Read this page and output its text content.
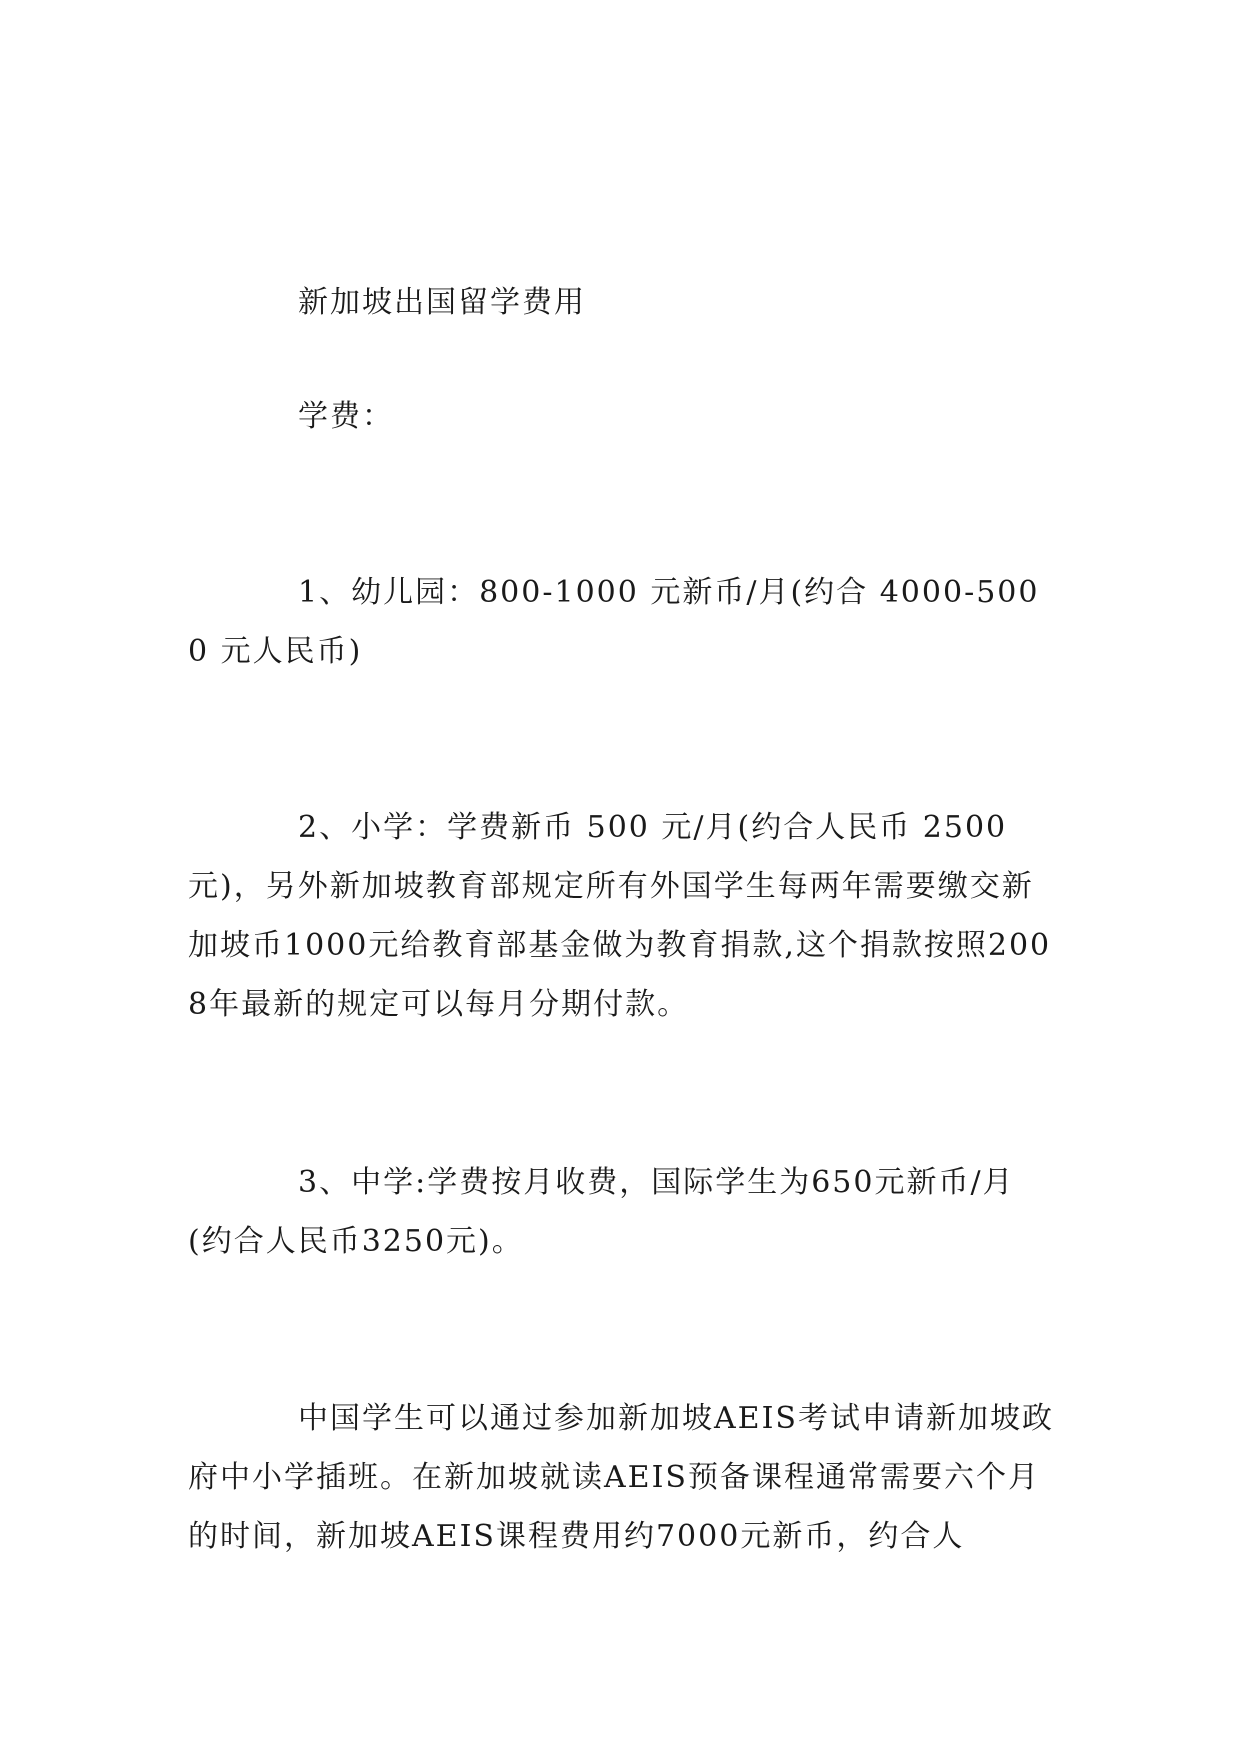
新加坡出国留学费用

学费：

1、幼儿园：800-1000 元新币/月(约合 4000-5000 元人民币)

2、小学：学费新币 500 元/月(约合人民币 2500 元)，另外新加坡教育部规定所有外国学生每两年需要缴交新加坡币1000元给教育部基金做为教育捐款,这个捐款按照2008年最新的规定可以每月分期付款。

3、中学:学费按月收费，国际学生为650元新币/月(约合人民币3250元)。

中国学生可以通过参加新加坡AEIS考试申请新加坡政府中小学插班。在新加坡就读AEIS预备课程通常需要六个月的时间，新加坡AEIS课程费用约7000元新币，约合人
